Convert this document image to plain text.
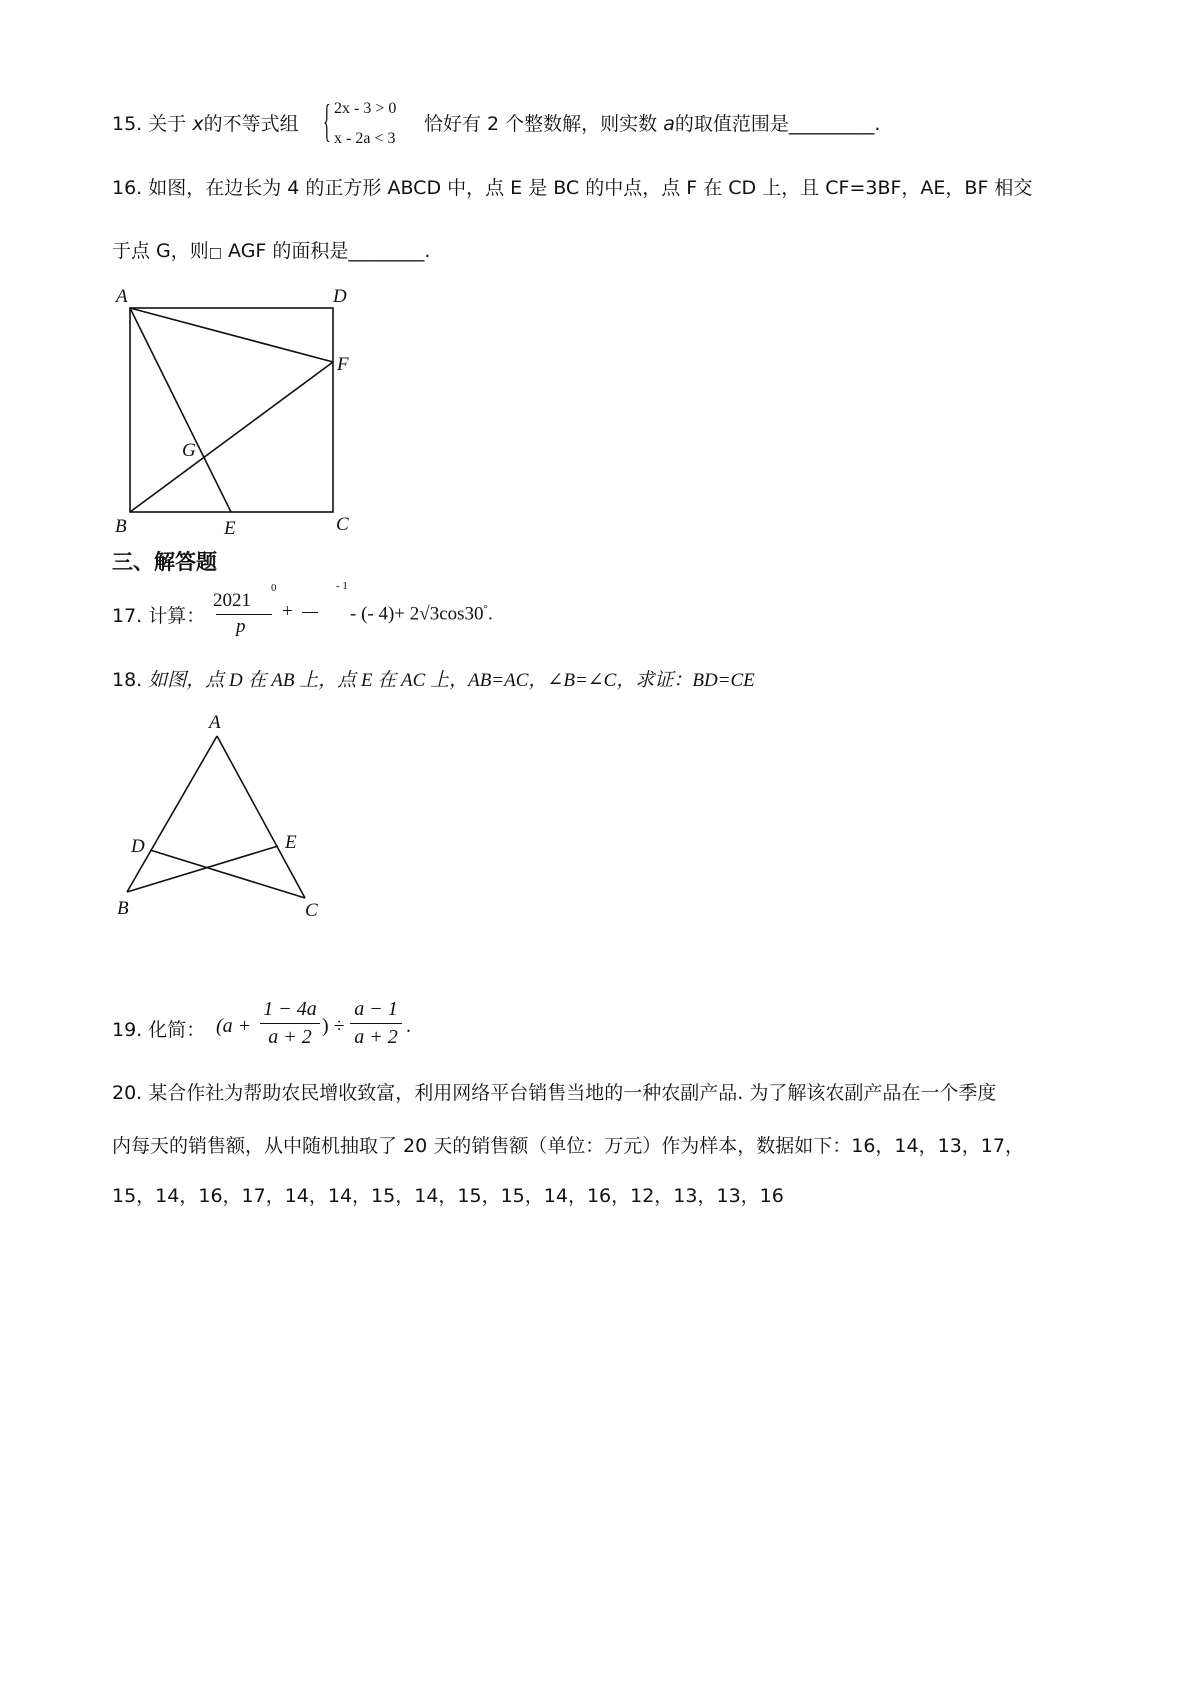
15. 关于 x的不等式组 { 2x - 3 > 0
x - 2a < 3
恰好有 2 个整数解，则实数 a的取值范围是_________.
16. 如图，在边长为 4 的正方形 ABCD 中，点 E 是 BC 的中点，点 F 在 CD 上，且 CF=3BF，AE，BF 相交
于点 G，则□ AGF 的面积是________.
A	D
F
G
B	E	C
三、解答题
17. 计算：
2021
p
0
+
- 1
- (- 4)+ 2√3cos30°.
18. 如图，点 D 在 AB 上，点 E 在 AC 上，AB=AC，∠B=∠C，求证：BD=CE
A
D	E
B	C
19. 化简： ($a + \frac{1 - 4a}{a + 2}$ ) ÷ $\frac{a - 1}{a + 2}$ .
20. 某合作社为帮助农民增收致富，利用网络平台销售当地的一种农副产品. 为了解该农副产品在一个季度
内每天的销售额，从中随机抽取了 20 天的销售额（单位：万元）作为样本，数据如下：16，14，13，17，
15，14，16，17，14，14，15，14，15，15，14，16，12，13，13，16
